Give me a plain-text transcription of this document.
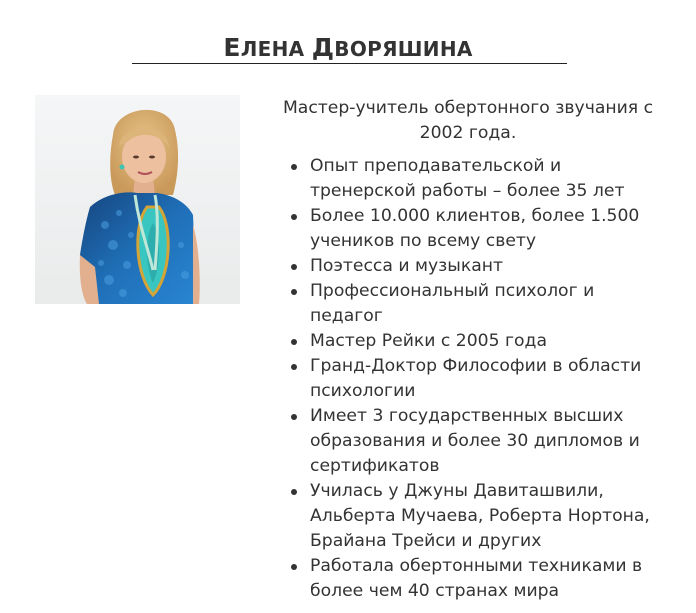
ЕЛЕНА ДВОРЯШИНА

Мастер-учитель обертонного звучания с 2002 года.

Опыт преподавательской и тренерской работы – более 35 лет
Более 10.000 клиентов, более 1.500 учеников по всему свету
Поэтесса и музыкант
Профессиональный психолог и педагог
Мастер Рейки с 2005 года
Гранд-Доктор Философии в области психологии
Имеет 3 государственных высших образования и более 30 дипломов и сертификатов
Училась у Джуны Давиташвили, Альберта Мучаева, Роберта Нортона, Брайана Трейси и других
Работала обертонными техниками в более чем 40 странах мира
